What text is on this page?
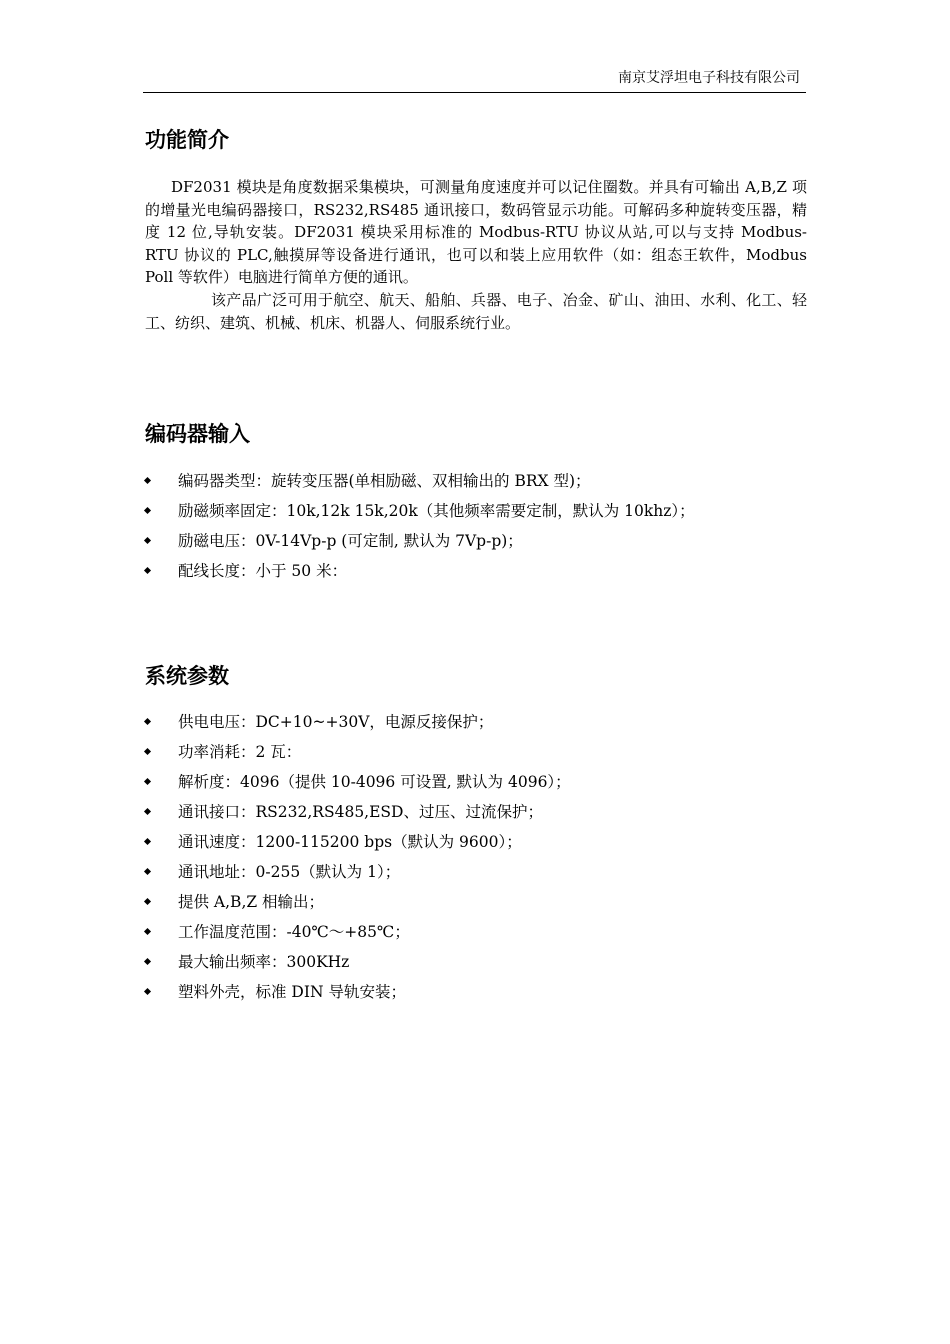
南京艾浮坦电子科技有限公司
功能简介

DF2031 模块是角度数据采集模块，可测量角度速度并可以记住圈数。并具有可输出 A,B,Z 项的增量光电编码器接口，RS232,RS485 通讯接口，数码管显示功能。可解码多种旋转变压器，精度 12 位,导轨安装。DF2031 模块采用标准的 Modbus-RTU 协议从站,可以与支持 Modbus-RTU 协议的 PLC,触摸屏等设备进行通讯，也可以和装上应用软件（如：组态王软件，Modbus Poll 等软件）电脑进行简单方便的通讯。

该产品广泛可用于航空、航天、船舶、兵器、电子、冶金、矿山、油田、水利、化工、轻工、纺织、建筑、机械、机床、机器人、伺服系统行业。

编码器输入
编码器类型：旋转变压器(单相励磁、双相输出的 BRX 型)；
励磁频率固定：10k,12k 15k,20k（其他频率需要定制，默认为 10khz）；
励磁电压：0V-14Vp-p (可定制, 默认为 7Vp-p)；
配线长度：小于 50 米：
系统参数
供电电压：DC+10~+30V，电源反接保护；
功率消耗：2 瓦：
解析度：4096（提供 10-4096 可设置, 默认为 4096）；
通讯接口：RS232,RS485,ESD、过压、过流保护；
通讯速度：1200-115200 bps（默认为 9600）；
通讯地址：0-255（默认为 1）；
提供 A,B,Z 相输出；
工作温度范围：-40℃～+85℃；
最大输出频率：300KHz
塑料外壳，标准 DIN 导轨安装；
